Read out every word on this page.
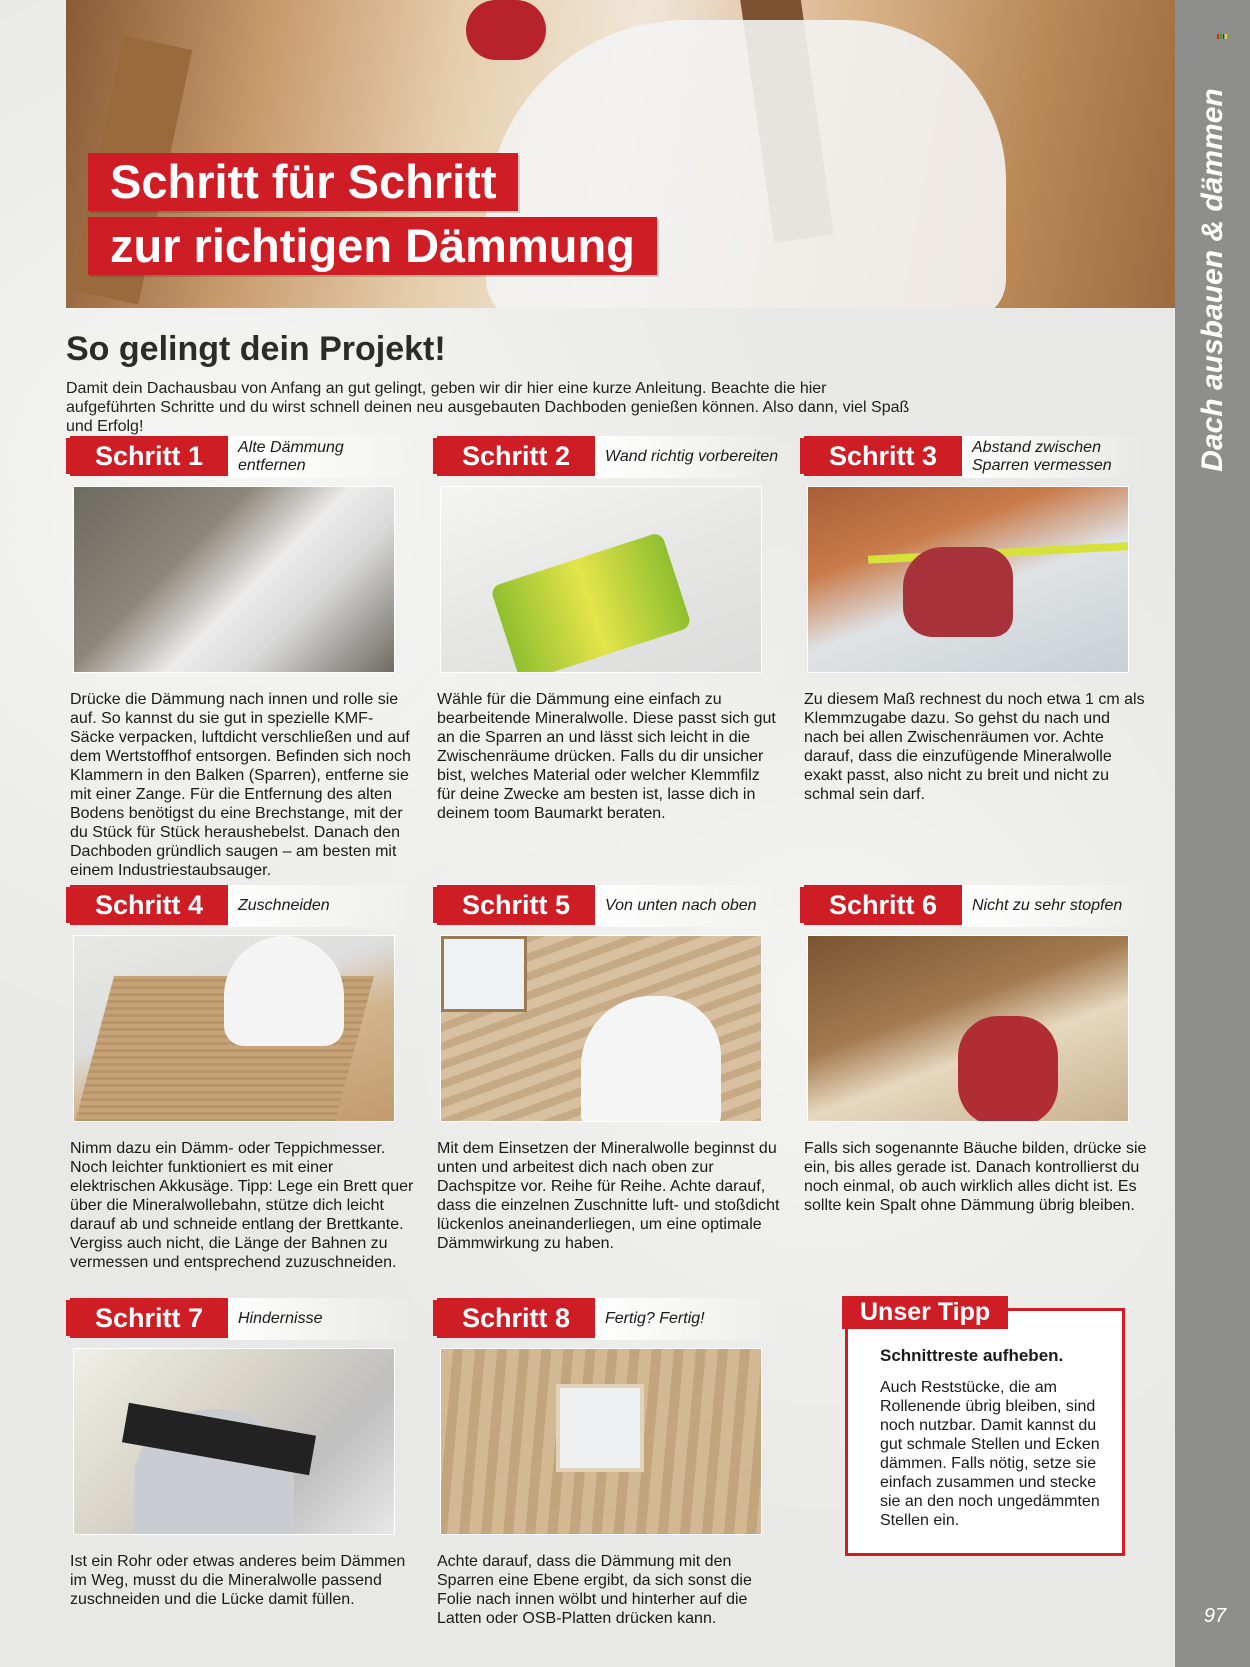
Schritt für Schritt
zur richtigen Dämmung	Dach ausbauen & dämmen
97
So gelingt dein Projekt!
Damit dein Dachausbau von Anfang an gut gelingt, geben wir dir hier eine kurze Anleitung. Beachte die hier aufgeführten Schritte und du wirst schnell deinen neu ausgebauten Dachboden genießen können. Also dann, viel Spaß und Erfolg!
Schritt 1	Alte Dämmung entfernen
Drücke die Dämmung nach innen und rolle sie auf. So kannst du sie gut in spezielle KMF-Säcke verpacken, luftdicht verschließen und auf dem Wertstoffhof entsorgen. Befinden sich noch Klammern in den Balken (Sparren), entferne sie mit einer Zange. Für die Entfernung des alten Bodens benötigst du eine Brechstange, mit der du Stück für Stück heraushebelst. Danach den Dachboden gründlich saugen – am besten mit einem Industriestaubsauger.
Schritt 2	Wand richtig vorbereiten
Wähle für die Dämmung eine einfach zu bearbeitende Mineralwolle. Diese passt sich gut an die Sparren an und lässt sich leicht in die Zwischenräume drücken. Falls du dir unsicher bist, welches Material oder welcher Klemmfilz für deine Zwecke am besten ist, lasse dich in deinem toom Baumarkt beraten.
Schritt 3	Abstand zwischen Sparren vermessen
Zu diesem Maß rechnest du noch etwa 1 cm als Klemmzugabe dazu. So gehst du nach und nach bei allen Zwischenräumen vor. Achte darauf, dass die einzufügende Mineralwolle exakt passt, also nicht zu breit und nicht zu schmal sein darf.
Schritt 4	Zuschneiden
Nimm dazu ein Dämm- oder Teppichmesser. Noch leichter funktioniert es mit einer elektrischen Akkusäge. Tipp: Lege ein Brett quer über die Mineralwollebahn, stütze dich leicht darauf ab und schneide entlang der Brettkante. Vergiss auch nicht, die Länge der Bahnen zu vermessen und entsprechend zuzuschneiden.
Schritt 5	Von unten nach oben
Mit dem Einsetzen der Mineralwolle beginnst du unten und arbeitest dich nach oben zur Dachspitze vor. Reihe für Reihe. Achte darauf, dass die einzelnen Zuschnitte luft- und stoßdicht lückenlos aneinanderliegen, um eine optimale Dämmwirkung zu haben.
Schritt 6	Nicht zu sehr stopfen
Falls sich sogenannte Bäuche bilden, drücke sie ein, bis alles gerade ist. Danach kontrollierst du noch einmal, ob auch wirklich alles dicht ist. Es sollte kein Spalt ohne Dämmung übrig bleiben.
Schritt 7	Hindernisse
Ist ein Rohr oder etwas anderes beim Dämmen im Weg, musst du die Mineralwolle passend zuschneiden und die Lücke damit füllen.
Schritt 8	Fertig? Fertig!
Achte darauf, dass die Dämmung mit den Sparren eine Ebene ergibt, da sich sonst die Folie nach innen wölbt und hinterher auf die Latten oder OSB-Platten drücken kann.
Unser Tipp
Schnittreste aufheben.
Auch Reststücke, die am Rollenende übrig bleiben, sind noch nutzbar. Damit kannst du gut schmale Stellen und Ecken dämmen. Falls nötig, setze sie einfach zusammen und stecke sie an den noch ungedämmten Stellen ein.
